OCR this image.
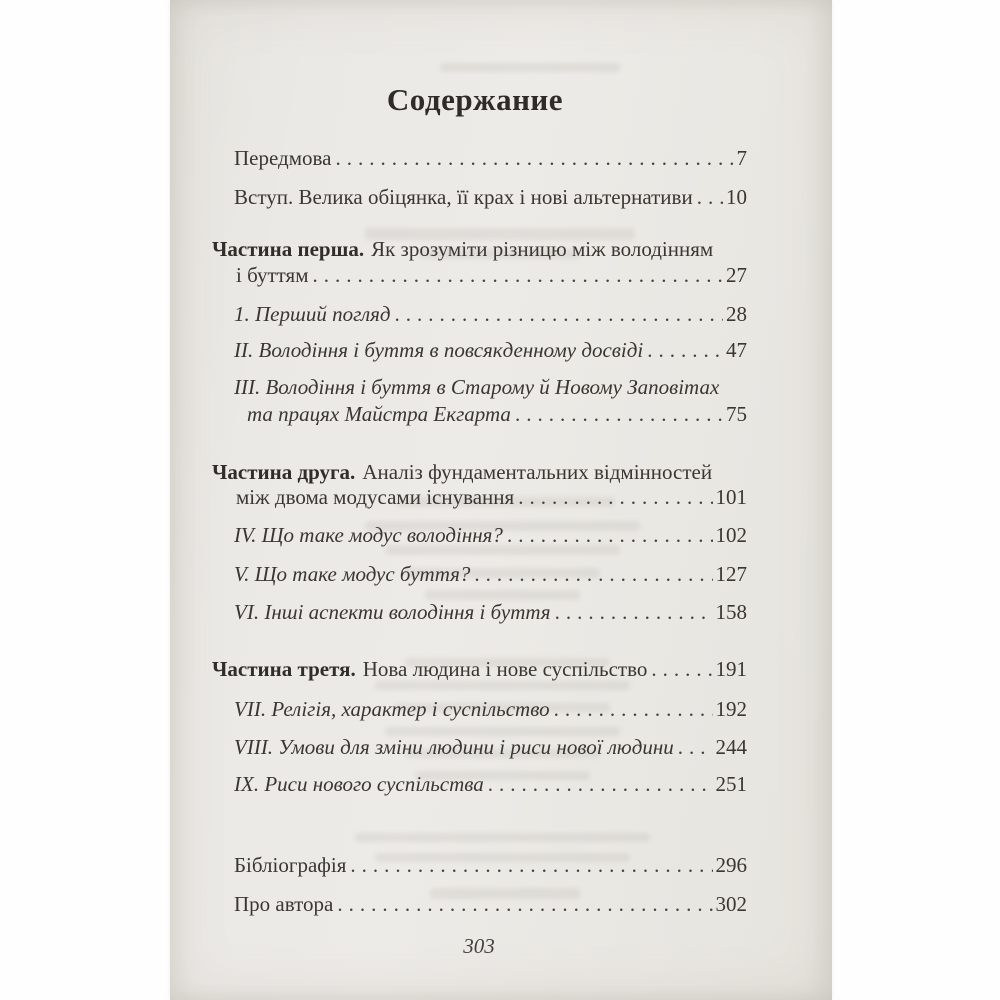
Содержание
Передмова .....	7
Вступ. Велика обіцянка, її крах і нові альтернативи ..... 10
Частина перша. Як зрозуміти різницю між володінням
і буттям .....	27
1. Перший погляд .....	28
II. Володіння і буття в повсякденному досвіді .....	47
III. Володіння і буття в Старому й Новому Заповітах
та працях Майстра Екгарта .....	75
Частина друга. Аналіз фундаментальних відмінностей
між двома модусами існування .....	101
IV. Що таке модус володіння? .....	102
V. Що таке модус буття? .....	127
VI. Інші аспекти володіння і буття .....	158
Частина третя. Нова людина і нове суспільство .....	191
VII. Релігія, характер і суспільство .....	192
VIII. Умови для зміни людини і риси нової людини ..... 244
IX. Риси нового суспільства .....	251
Бібліографія .....	296
Про автора .....	302
303
